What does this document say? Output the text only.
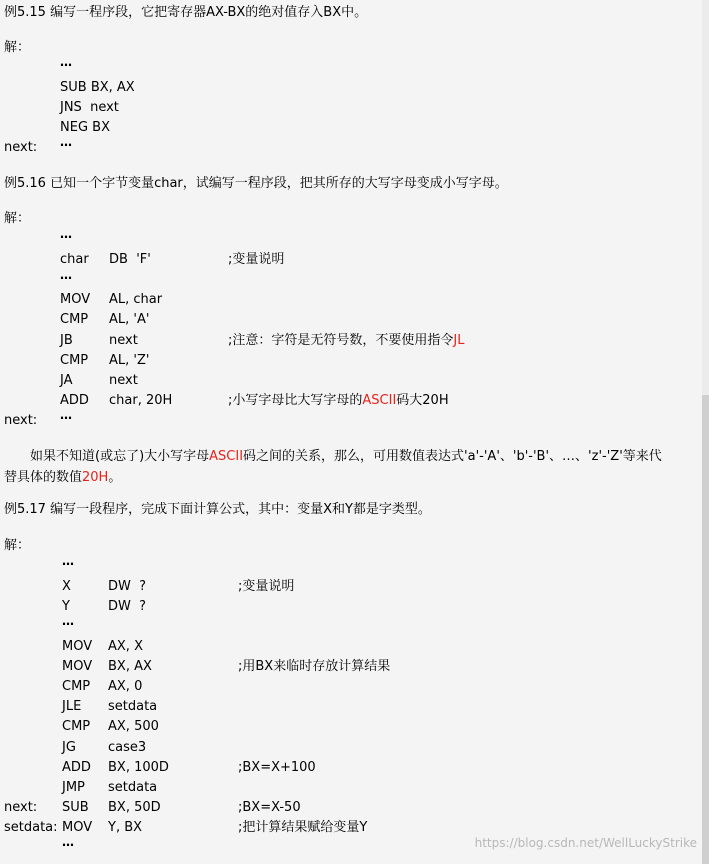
例5.15 编写一程序段，它把寄存器AX-BX的绝对值存入BX中。
解：
…
SUB BX, AX
JNS  next
NEG BX
next: …
例5.16 已知一个字节变量char，试编写一程序段，把其所存的大写字母变成小写字母。
解：
…
char DB  'F'	;变量说明
…
MOV AL, char
CMP AL, 'A'
JB	next	;注意：字符是无符号数，不要使用指令JL
CMP AL, 'Z'
JA	next
ADD char, 20H	;小写字母比大写字母的ASCII码大20H
next: …
如果不知道(或忘了)大小写字母ASCII码之间的关系，那么，可用数值表达式'a'-'A'、'b'-'B'、…、'z'-'Z'等来代
替具体的数值20H。
例5.17 编写一段程序，完成下面计算公式，其中：变量X和Y都是字类型。
解：
…
X	DW  ?	;变量说明
Y	DW  ?
…
MOV AX, X
MOV BX, AX	;用BX来临时存放计算结果
CMP AX, 0
JLE setdata
CMP AX, 500
JG case3
ADD BX, 100D	;BX=X+100
JMP setdata
next: SUB BX, 50D	;BX=X-50
setdata: MOV Y, BX	;把计算结果赋给变量Y
…	https://blog.csdn.net/WellLuckyStrike
